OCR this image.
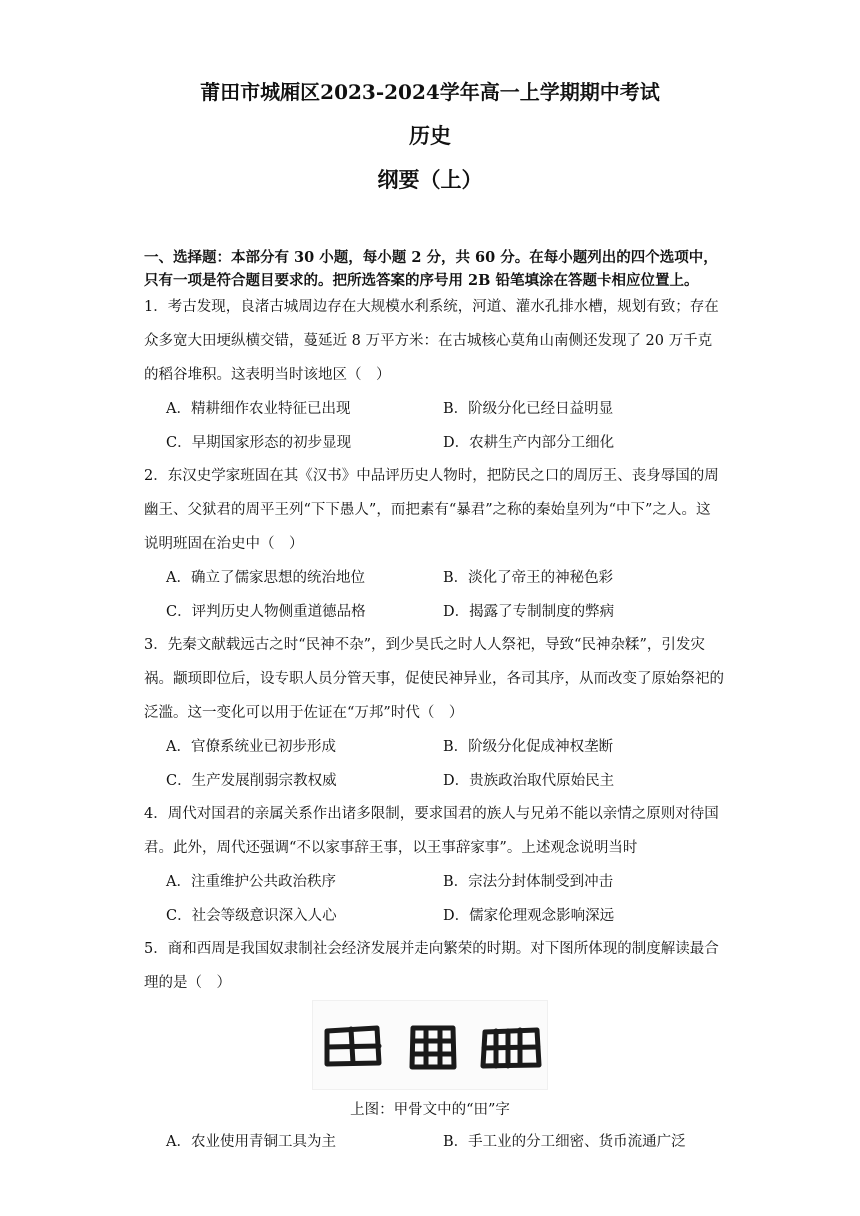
莆田市城厢区2023-2024学年高一上学期期中考试
历史
纲要（上）
一、选择题：本部分有 30 小题，每小题 2 分，共 60 分。在每小题列出的四个选项中，只有一项是符合题目要求的。把所选答案的序号用 2B 铅笔填涂在答题卡相应位置上。
1．考古发现，良渚古城周边存在大规模水利系统，河道、灌水孔排水槽，规划有致；存在众多宽大田埂纵横交错，蔓延近 8 万平方米：在古城核心莫角山南侧还发现了 20 万千克的稻谷堆积。这表明当时该地区（　）
A．精耕细作农业特征已出现	B．阶级分化已经日益明显
C．早期国家形态的初步显现	D．农耕生产内部分工细化
2．东汉史学家班固在其《汉书》中品评历史人物时，把防民之口的周厉王、丧身辱国的周幽王、父狱君的周平王列“下下愚人”，而把素有“暴君”之称的秦始皇列为“中下”之人。这说明班固在治史中（　）
A．确立了儒家思想的统治地位	B．淡化了帝王的神秘色彩
C．评判历史人物侧重道德品格	D．揭露了专制制度的弊病
3．先秦文献载远古之时“民神不杂”，到少昊氏之时人人祭祀，导致“民神杂糅”，引发灾祸。颛顼即位后，设专职人员分管天事，促使民神异业，各司其序，从而改变了原始祭祀的泛滥。这一变化可以用于佐证在“万邦”时代（　）
A．官僚系统业已初步形成	B．阶级分化促成神权垄断
C．生产发展削弱宗教权威	D．贵族政治取代原始民主
4．周代对国君的亲属关系作出诸多限制，要求国君的族人与兄弟不能以亲情之原则对待国君。此外，周代还强调“不以家事辞王事，以王事辞家事”。上述观念说明当时
A．注重维护公共政治秩序	B．宗法分封体制受到冲击
C．社会等级意识深入人心	D．儒家伦理观念影响深远
5．商和西周是我国奴隶制社会经济发展并走向繁荣的时期。对下图所体现的制度解读最合理的是（　）
上图：甲骨文中的“田”字
A．农业使用青铜工具为主	B．手工业的分工细密、货币流通广泛
